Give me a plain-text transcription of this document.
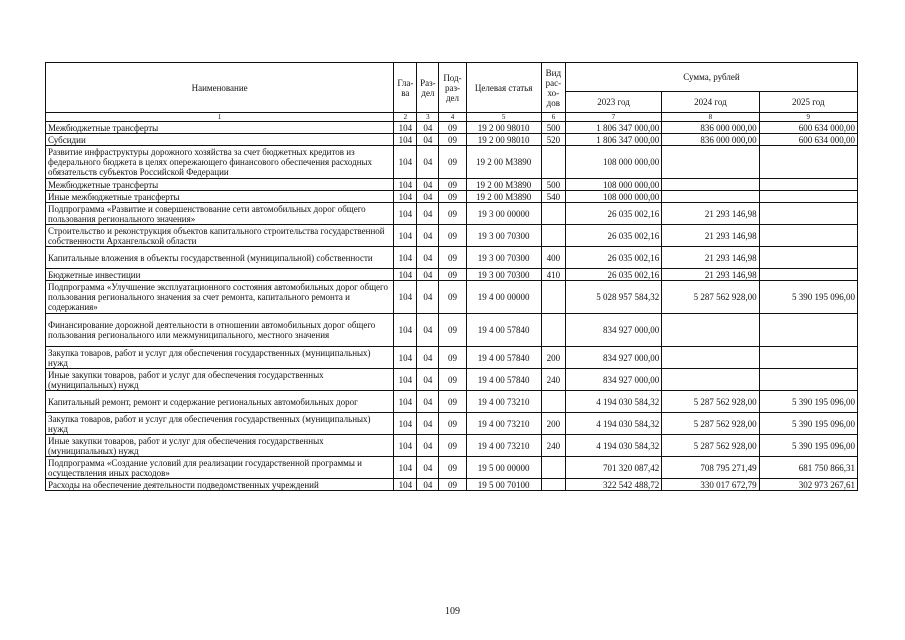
Наименование	Гла-ва	Раз-дел	Под-раз-дел	Целевая статья	Вид рас-хо-дов	Сумма, рублей		
						2023 год	2024 год	2025 год
1	2	3	4	5	6	7	8	9
Межбюджетные трансферты	104	04	09	19 2 00 98010	500	1 806 347 000,00	836 000 000,00	600 634 000,00
Субсидии	104	04	09	19 2 00 98010	520	1 806 347 000,00	836 000 000,00	600 634 000,00
Развитие инфраструктуры дорожного хозяйства за счет бюджетных кредитов из федерального бюджета в целях опережающего финансового обеспечения расходных обязательств субъектов Российской Федерации	104	04	09	19 2 00 М3890		108 000 000,00		
Межбюджетные трансферты	104	04	09	19 2 00 М3890	500	108 000 000,00		
Иные межбюджетные трансферты	104	04	09	19 2 00 М3890	540	108 000 000,00		
Подпрограмма «Развитие и совершенствование сети автомобильных дорог общего пользования регионального значения»	104	04	09	19 3 00 00000		26 035 002,16	21 293 146,98	
Строительство и реконструкция объектов капитального строительства государственной собственности Архангельской области	104	04	09	19 3 00 70300		26 035 002,16	21 293 146,98	
Капитальные вложения в объекты государственной (муниципальной) собственности	104	04	09	19 3 00 70300	400	26 035 002,16	21 293 146,98	
Бюджетные инвестиции	104	04	09	19 3 00 70300	410	26 035 002,16	21 293 146,98	
Подпрограмма «Улучшение эксплуатационного состояния автомобильных дорог общего пользования регионального значения за счет ремонта, капитального ремонта и содержания»	104	04	09	19 4 00 00000		5 028 957 584,32	5 287 562 928,00	5 390 195 096,00
Финансирование дорожной деятельности в отношении автомобильных дорог общего пользования регионального или межмуниципального, местного значения	104	04	09	19 4 00 57840		834 927 000,00		
Закупка товаров, работ и услуг для обеспечения государственных (муниципальных) нужд	104	04	09	19 4 00 57840	200	834 927 000,00		
Иные закупки товаров, работ и услуг для обеспечения государственных (муниципальных) нужд	104	04	09	19 4 00 57840	240	834 927 000,00		
Капитальный ремонт, ремонт и содержание региональных автомобильных дорог	104	04	09	19 4 00 73210		4 194 030 584,32	5 287 562 928,00	5 390 195 096,00
Закупка товаров, работ и услуг для обеспечения государственных (муниципальных) нужд	104	04	09	19 4 00 73210	200	4 194 030 584,32	5 287 562 928,00	5 390 195 096,00
Иные закупки товаров, работ и услуг для обеспечения государственных (муниципальных) нужд	104	04	09	19 4 00 73210	240	4 194 030 584,32	5 287 562 928,00	5 390 195 096,00
Подпрограмма «Создание условий для реализации государственной программы и осуществления иных расходов»	104	04	09	19 5 00 00000		701 320 087,42	708 795 271,49	681 750 866,31
Расходы на обеспечение деятельности подведомственных учреждений	104	04	09	19 5 00 70100		322 542 488,72	330 017 672,79	302 973 267,61
109
